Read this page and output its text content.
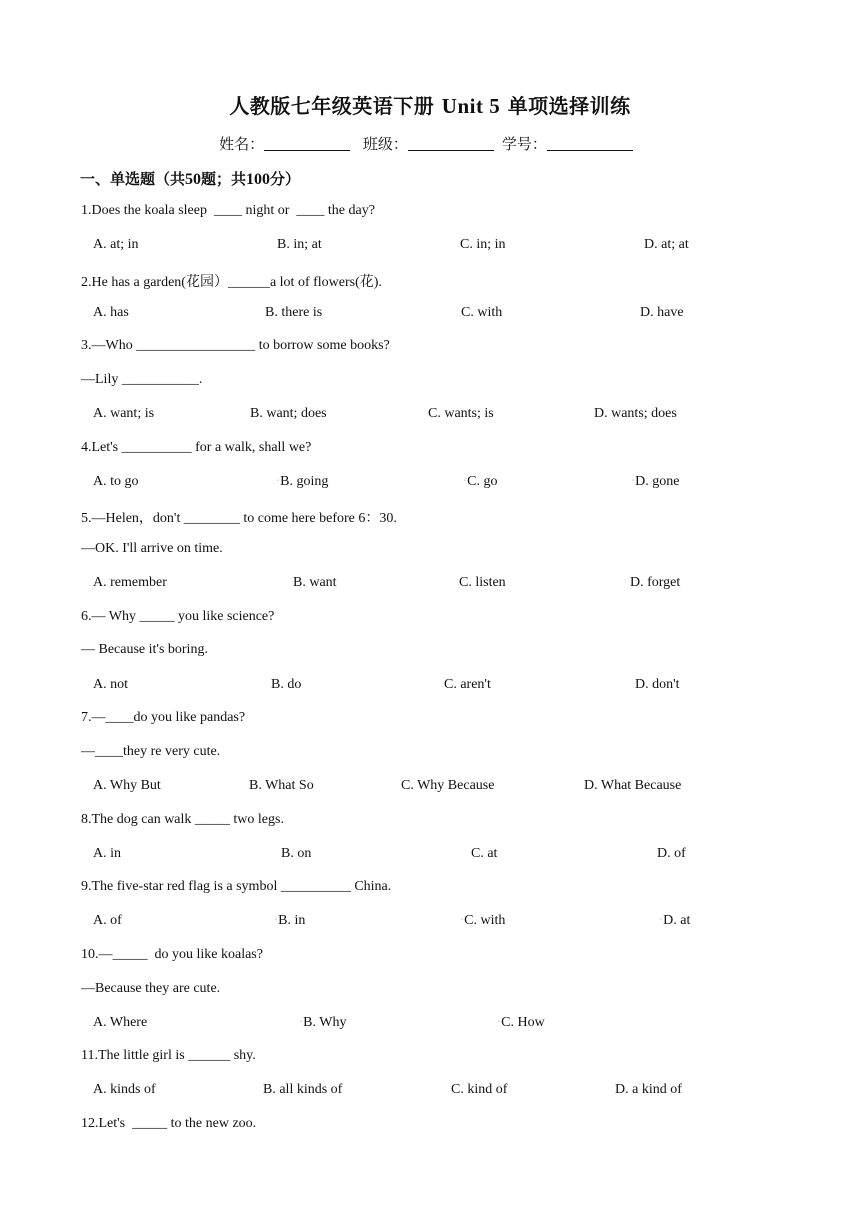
人教版七年级英语下册 Unit 5 单项选择训练
姓名：	班级：	学号：
一、单选题（共50题；共100分）
1.Does the koala sleep  ____ night or  ____ the day?
A. at; in	B. in; at	C. in; in	D. at; at
2.He has a garden(花园）______a lot of flowers(花).
A. has	B. there is	C. with	D. have
3.—Who _________________ to borrow some books?
—Lily ___________.
A. want; is	B. want; does	C. wants; is	D. wants; does
4.Let's __________ for a walk, shall we?
A. to go	◦B. going	◦C. go	◦D. gone
5.—Helen，don't ________ to come here before 6：30.
—OK. I'll arrive on time.
A. remember	B. want	C. listen	D. forget
6.— Why _____ you like science?
— Because it's boring.
A. not	B. do	C. aren't	D. don't
7.—____do you like pandas?
—____they re very cute.
A. Why But	B. What So	C. Why Because	D. What Because
8.The dog can walk _____ two legs.
A. in	B. on	C. at	D. of
9.The five-star red flag is a symbol __________ China.
A. of	◦B. in	◦C. with	◦D. at
10.—_____  do you like koalas?
—Because they are cute.
A. Where	◦B. Why	◦C. How
11.The little girl is ______ shy.
A. kinds of	B. all kinds of	C. kind of	D. a kind of
12.Let's  _____ to the new zoo.
